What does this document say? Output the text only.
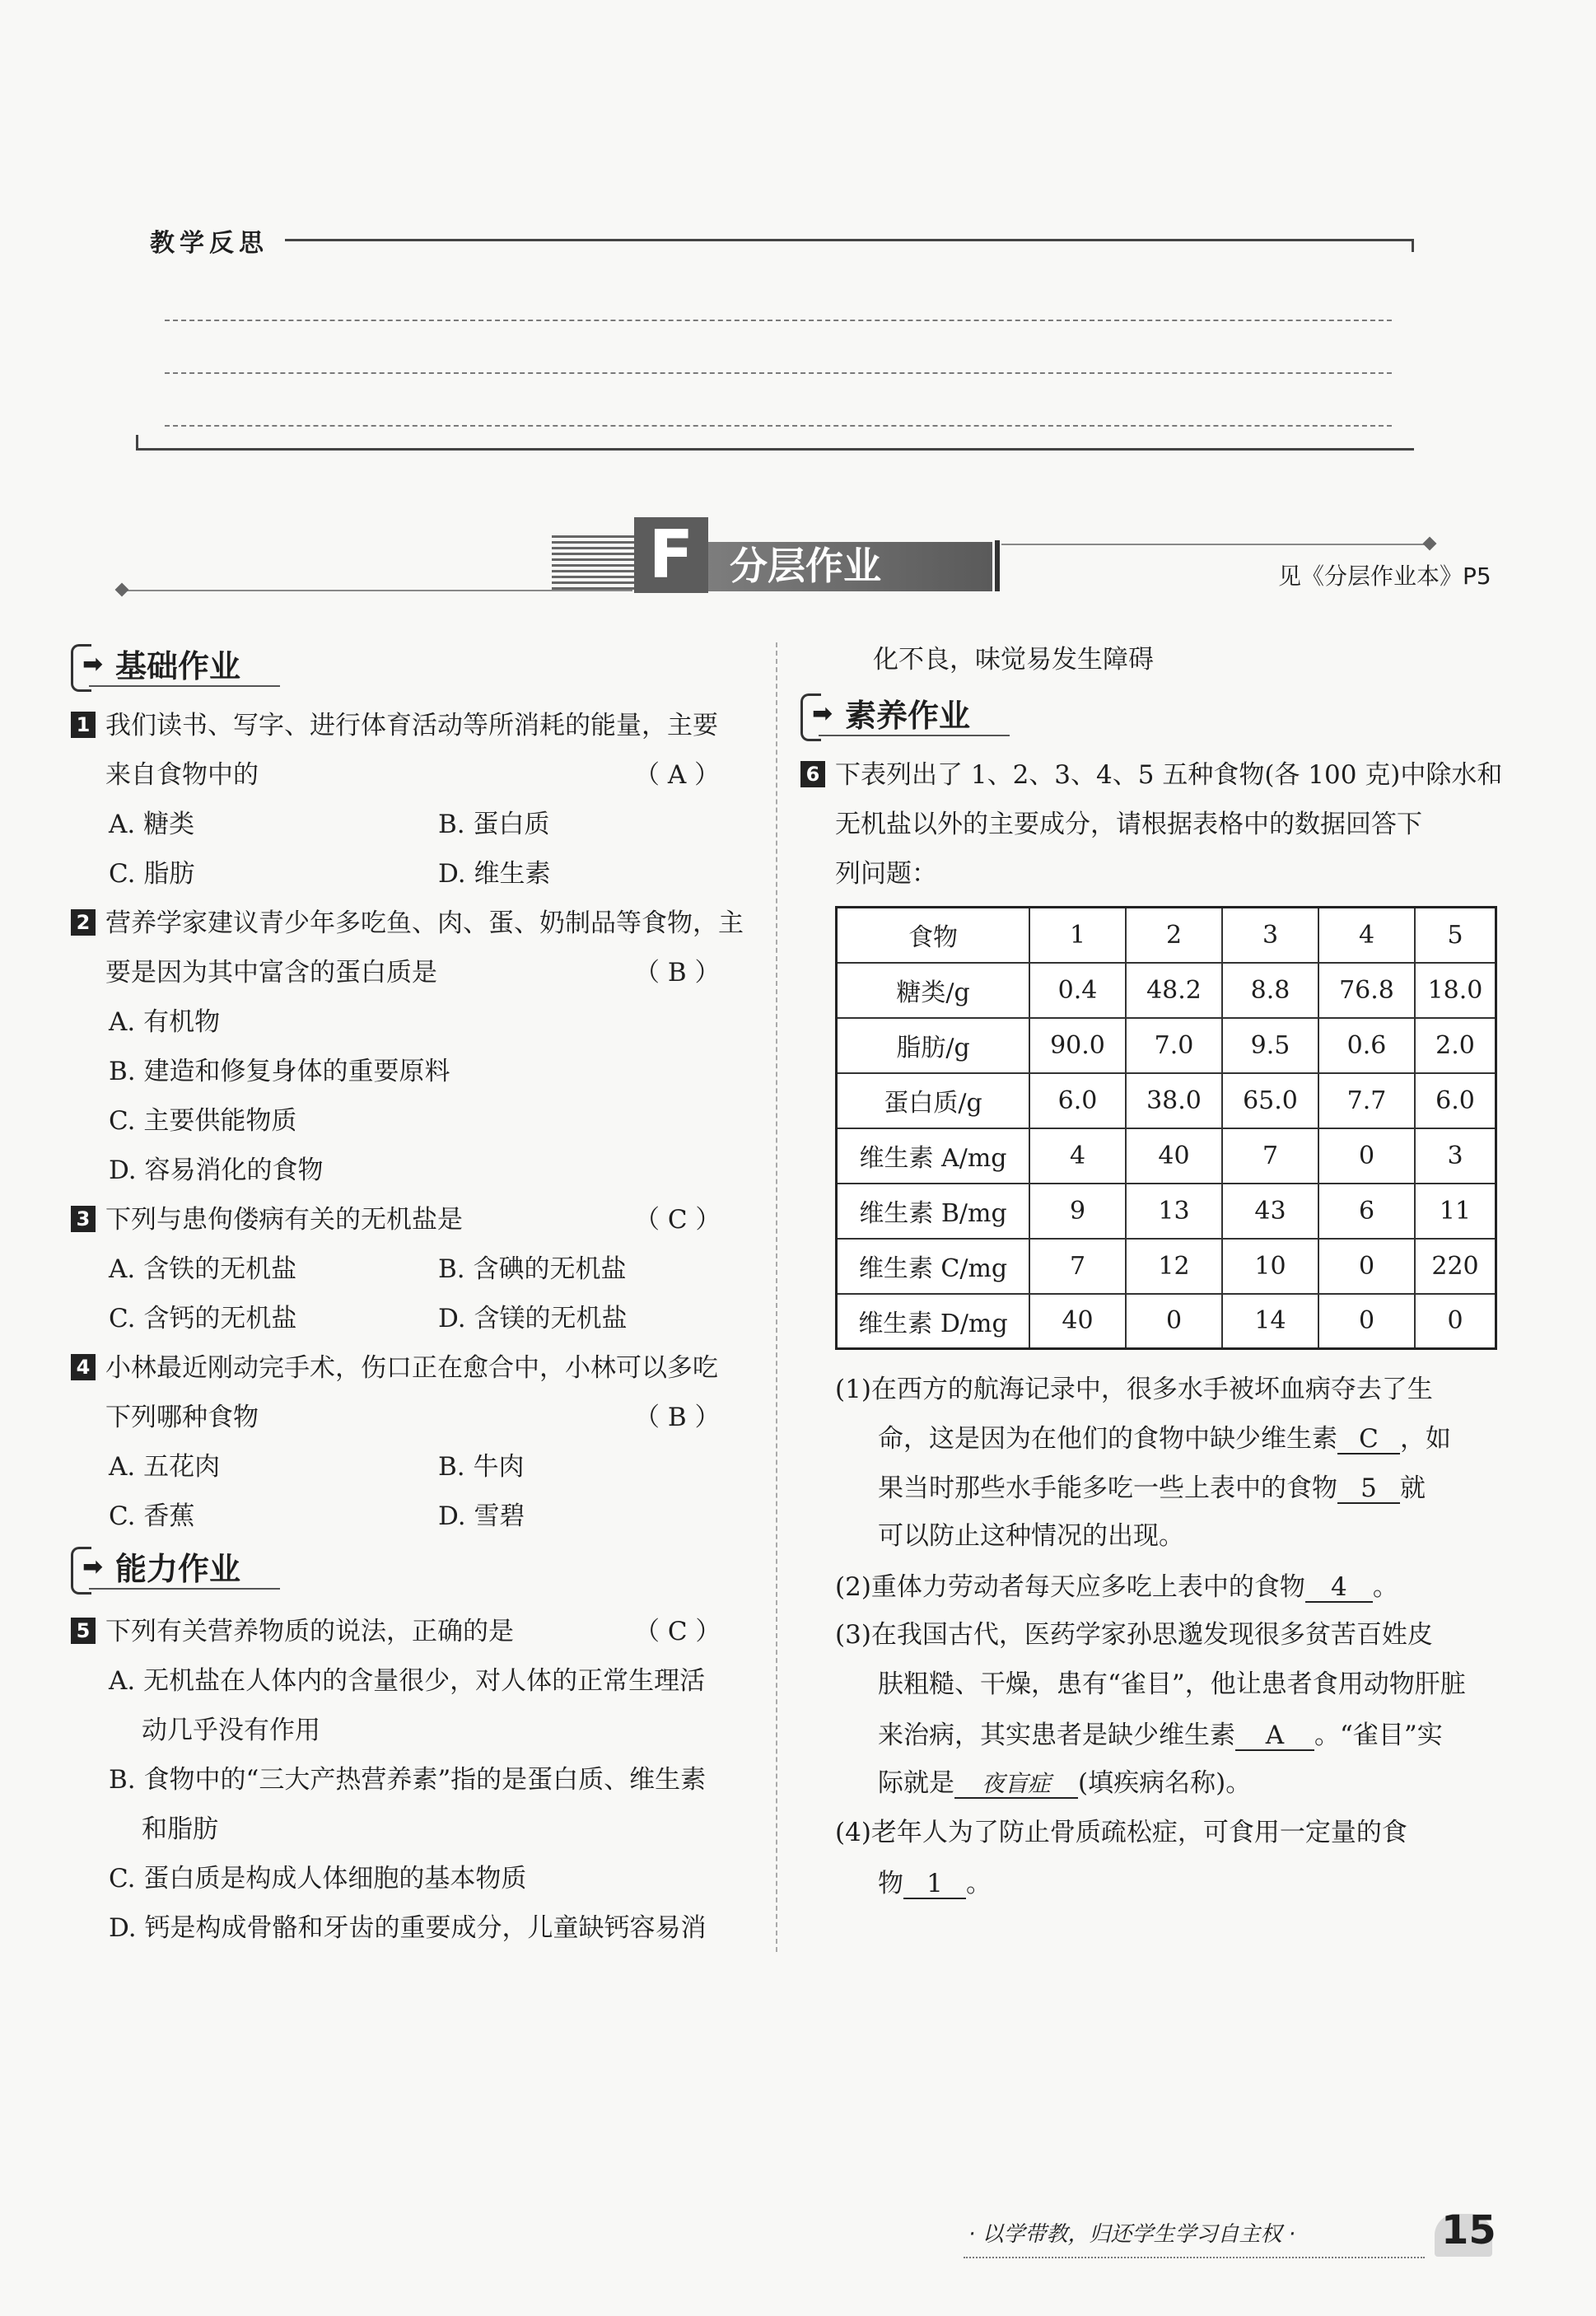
教学反思
F 分层作业	见《分层作业本》P5
➡ 基础作业
1 我们读书、写字、进行体育活动等所消耗的能量，主要
来自食物中的	（ A ）
A. 糖类	B. 蛋白质
C. 脂肪	D. 维生素
2 营养学家建议青少年多吃鱼、肉、蛋、奶制品等食物，主
要是因为其中富含的蛋白质是	（ B ）
A. 有机物
B. 建造和修复身体的重要原料
C. 主要供能物质
D. 容易消化的食物
3 下列与患佝偻病有关的无机盐是	（ C ）
A. 含铁的无机盐	B. 含碘的无机盐
C. 含钙的无机盐	D. 含镁的无机盐
4 小林最近刚动完手术，伤口正在愈合中，小林可以多吃
下列哪种食物	（ B ）
A. 五花肉	B. 牛肉
C. 香蕉	D. 雪碧
➡ 能力作业
5 下列有关营养物质的说法，正确的是	（ C ）
A. 无机盐在人体内的含量很少，对人体的正常生理活
动几乎没有作用
B. 食物中的“三大产热营养素”指的是蛋白质、维生素
和脂肪
C. 蛋白质是构成人体细胞的基本物质
D. 钙是构成骨骼和牙齿的重要成分，儿童缺钙容易消
化不良，味觉易发生障碍
➡ 素养作业
6 下表列出了 1、2、3、4、5 五种食物(各 100 克)中除水和
无机盐以外的主要成分，请根据表格中的数据回答下
列问题：
食物	1	2	3	4	5
糖类/g	0.4	48.2	8.8	76.8	18.0
脂肪/g	90.0	7.0	9.5	0.6	2.0
蛋白质/g	6.0	38.0	65.0	7.7	6.0
维生素 A/mg	4	40	7	0	3
维生素 B/mg	9	13	43	6	11
维生素 C/mg	7	12	10	0	220
维生素 D/mg	40	0	14	0	0
(1)在西方的航海记录中，很多水手被坏血病夺去了生
命，这是因为在他们的食物中缺少维生素 C ，如
果当时那些水手能多吃一些上表中的食物 5 就
可以防止这种情况的出现。
(2)重体力劳动者每天应多吃上表中的食物 4 。
(3)在我国古代，医药学家孙思邈发现很多贫苦百姓皮
肤粗糙、干燥，患有“雀目”，他让患者食用动物肝脏
来治病，其实患者是缺少维生素 A 。“雀目”实
际就是 夜盲症 (填疾病名称)。
(4)老年人为了防止骨质疏松症，可食用一定量的食
物 1 。
· 以学带教，归还学生学习自主权 ·	15
